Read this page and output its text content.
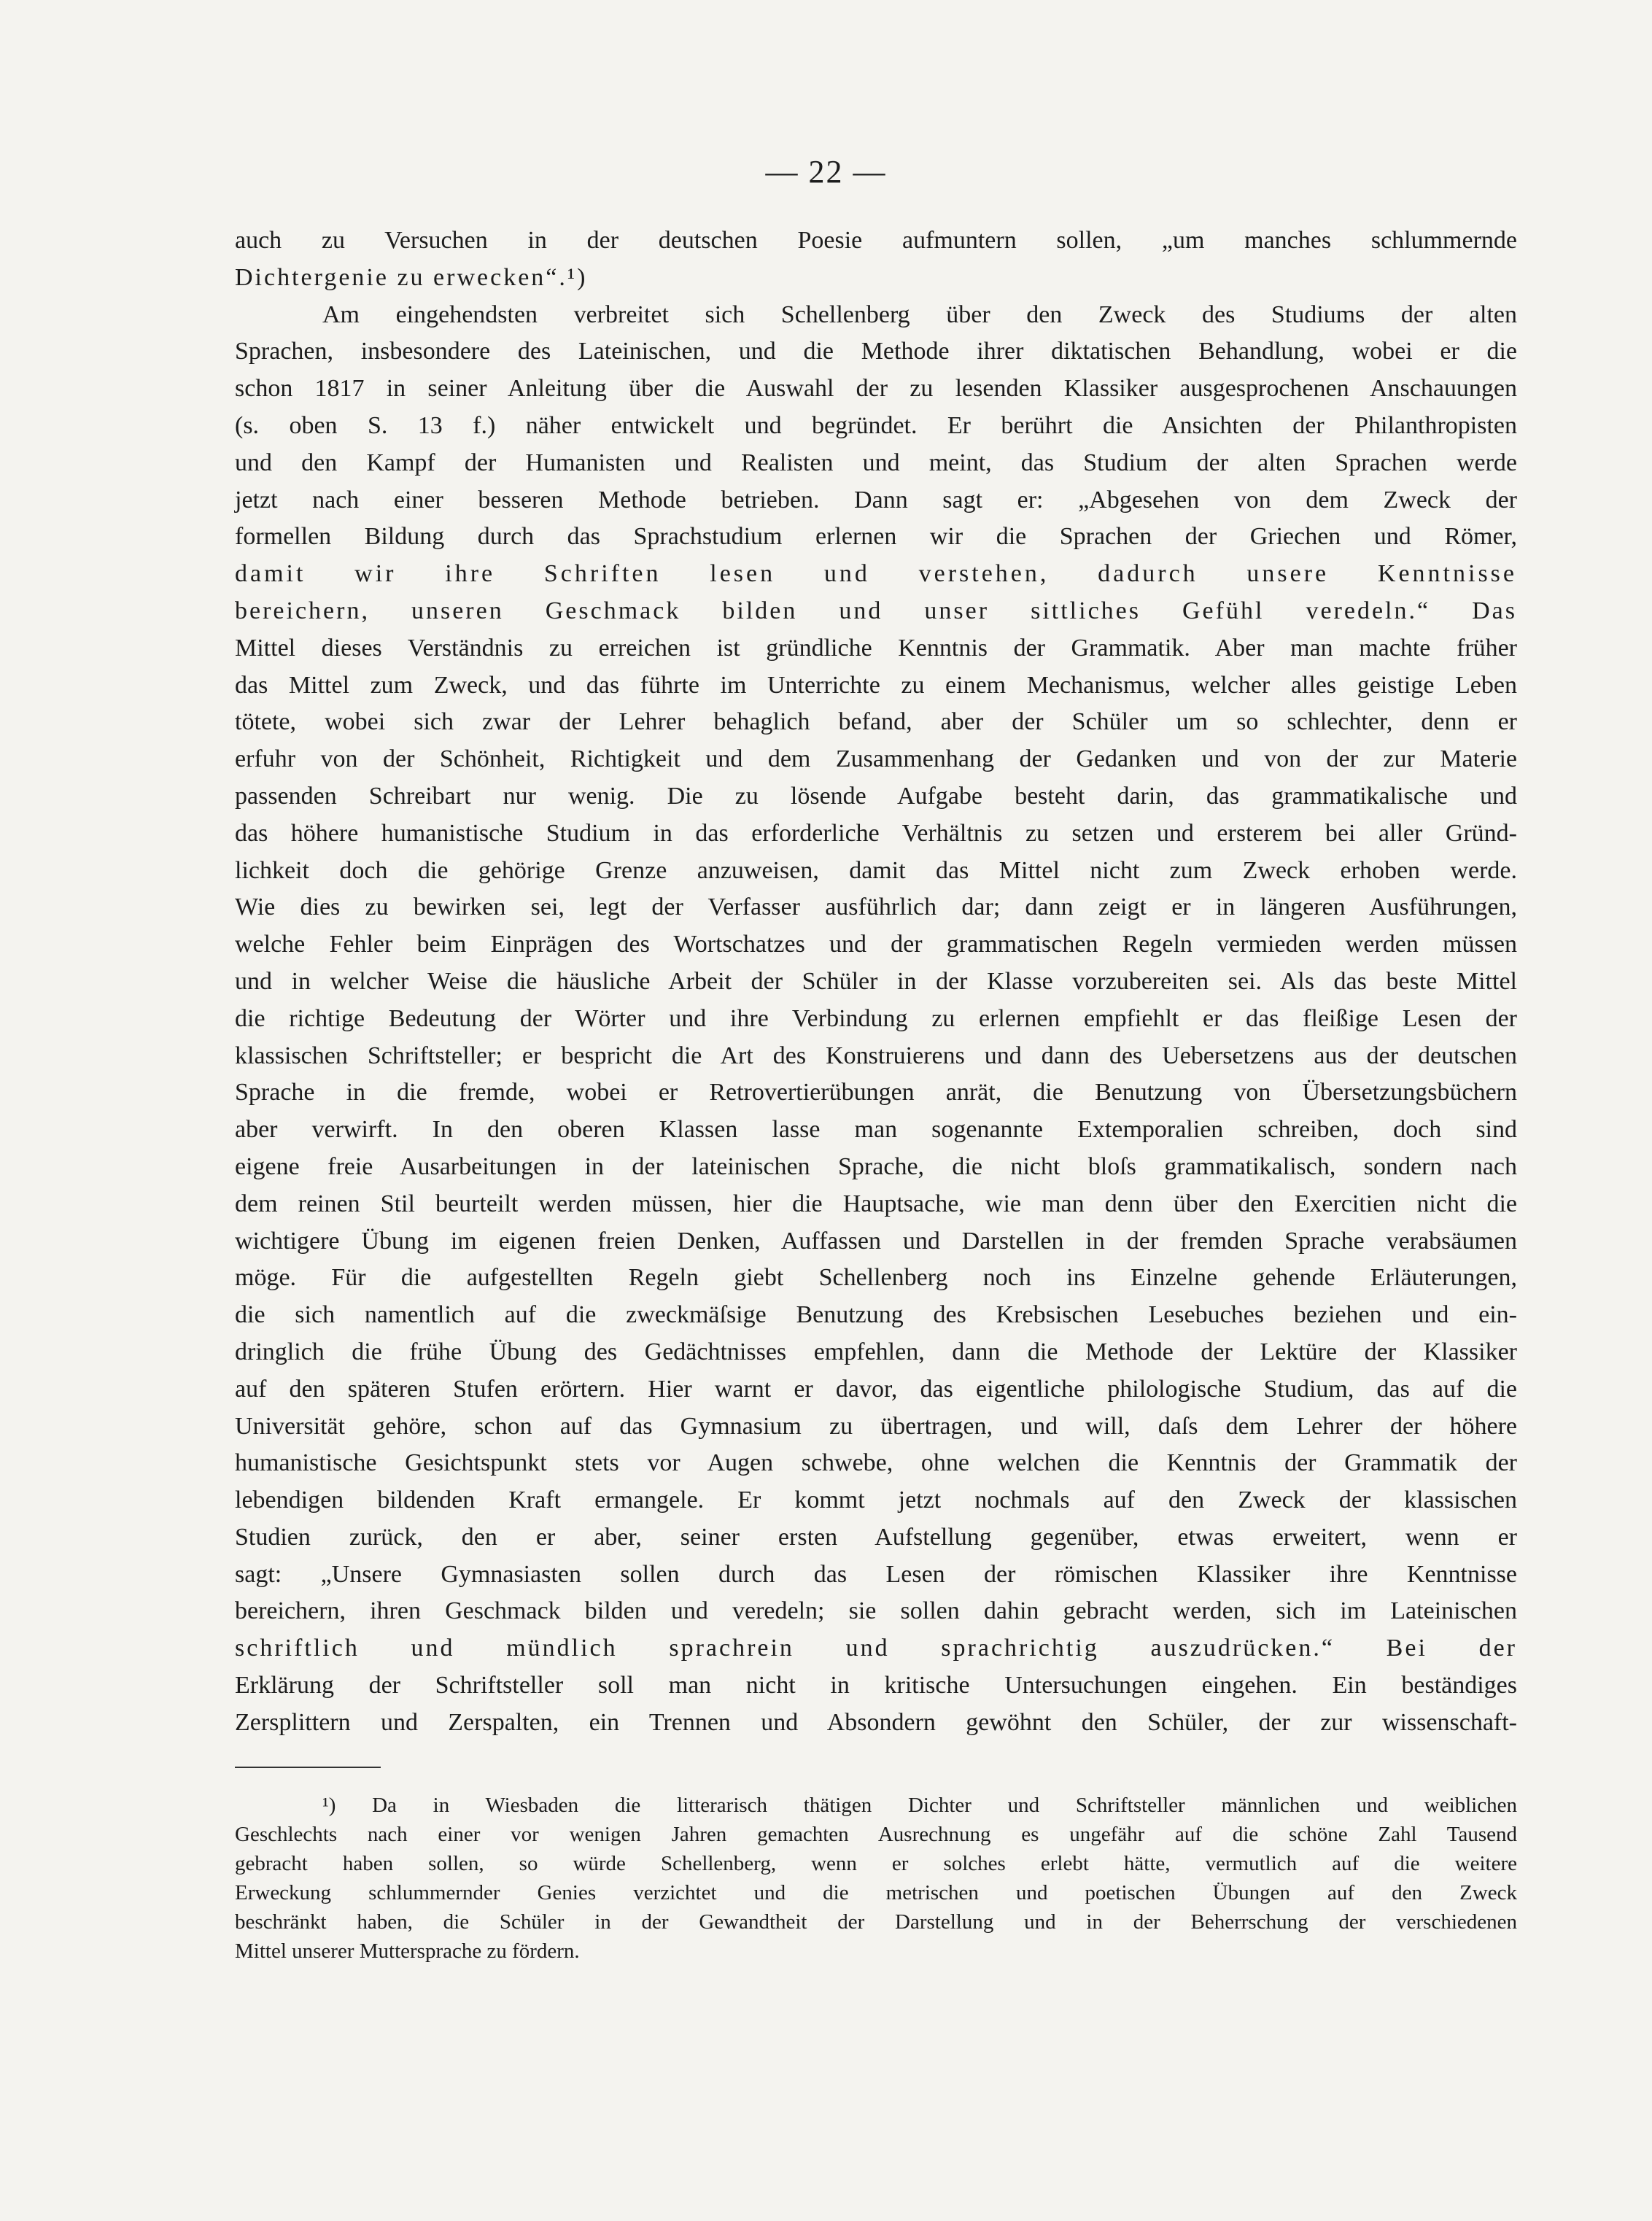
— 22 —
auch zu Versuchen in der deutschen Poesie aufmuntern sollen, „um manches schlummernde
Dichtergenie zu erwecken“.¹)
Am eingehendsten verbreitet sich Schellenberg über den Zweck des Studiums der alten
Sprachen, insbesondere des Lateinischen, und die Methode ihrer diktatischen Behandlung, wobei er die
schon 1817 in seiner Anleitung über die Auswahl der zu lesenden Klassiker ausgesprochenen Anschauungen
(s. oben S. 13 f.) näher entwickelt und begründet. Er berührt die Ansichten der Philanthropisten
und den Kampf der Humanisten und Realisten und meint, das Studium der alten Sprachen werde
jetzt nach einer besseren Methode betrieben. Dann sagt er: „Abgesehen von dem Zweck der
formellen Bildung durch das Sprachstudium erlernen wir die Sprachen der Griechen und Römer,
damit wir ihre Schriften lesen und verstehen, dadurch unsere Kenntnisse
bereichern, unseren Geschmack bilden und unser sittliches Gefühl veredeln.“ Das
Mittel dieses Verständnis zu erreichen ist gründliche Kenntnis der Grammatik. Aber man machte früher
das Mittel zum Zweck, und das führte im Unterrichte zu einem Mechanismus, welcher alles geistige Leben
tötete, wobei sich zwar der Lehrer behaglich befand, aber der Schüler um so schlechter, denn er
erfuhr von der Schönheit, Richtigkeit und dem Zusammenhang der Gedanken und von der zur Materie
passenden Schreibart nur wenig. Die zu lösende Aufgabe besteht darin, das grammatikalische und
das höhere humanistische Studium in das erforderliche Verhältnis zu setzen und ersterem bei aller Gründ-
lichkeit doch die gehörige Grenze anzuweisen, damit das Mittel nicht zum Zweck erhoben werde.
Wie dies zu bewirken sei, legt der Verfasser ausführlich dar; dann zeigt er in längeren Ausführungen,
welche Fehler beim Einprägen des Wortschatzes und der grammatischen Regeln vermieden werden müssen
und in welcher Weise die häusliche Arbeit der Schüler in der Klasse vorzubereiten sei. Als das beste Mittel
die richtige Bedeutung der Wörter und ihre Verbindung zu erlernen empfiehlt er das fleißige Lesen der
klassischen Schriftsteller; er bespricht die Art des Konstruierens und dann des Uebersetzens aus der deutschen
Sprache in die fremde, wobei er Retrovertierübungen anrät, die Benutzung von Übersetzungsbüchern
aber verwirft. In den oberen Klassen lasse man sogenannte Extemporalien schreiben, doch sind
eigene freie Ausarbeitungen in der lateinischen Sprache, die nicht bloſs grammatikalisch, sondern nach
dem reinen Stil beurteilt werden müssen, hier die Hauptsache, wie man denn über den Exercitien nicht die
wichtigere Übung im eigenen freien Denken, Auffassen und Darstellen in der fremden Sprache verabsäumen
möge. Für die aufgestellten Regeln giebt Schellenberg noch ins Einzelne gehende Erläuterungen,
die sich namentlich auf die zweckmäſsige Benutzung des Krebsischen Lesebuches beziehen und ein-
dringlich die frühe Übung des Gedächtnisses empfehlen, dann die Methode der Lektüre der Klassiker
auf den späteren Stufen erörtern. Hier warnt er davor, das eigentliche philologische Studium, das auf die
Universität gehöre, schon auf das Gymnasium zu übertragen, und will, daſs dem Lehrer der höhere
humanistische Gesichtspunkt stets vor Augen schwebe, ohne welchen die Kenntnis der Grammatik der
lebendigen bildenden Kraft ermangele. Er kommt jetzt nochmals auf den Zweck der klassischen
Studien zurück, den er aber, seiner ersten Aufstellung gegenüber, etwas erweitert, wenn er
sagt: „Unsere Gymnasiasten sollen durch das Lesen der römischen Klassiker ihre Kenntnisse
bereichern, ihren Geschmack bilden und veredeln; sie sollen dahin gebracht werden, sich im Lateinischen
schriftlich und mündlich sprachrein und sprachrichtig auszudrücken.“ Bei der
Erklärung der Schriftsteller soll man nicht in kritische Untersuchungen eingehen. Ein beständiges
Zersplittern und Zerspalten, ein Trennen und Absondern gewöhnt den Schüler, der zur wissenschaft-
¹) Da in Wiesbaden die litterarisch thätigen Dichter und Schriftsteller männlichen und weiblichen
Geschlechts nach einer vor wenigen Jahren gemachten Ausrechnung es ungefähr auf die schöne Zahl Tausend
gebracht haben sollen, so würde Schellenberg, wenn er solches erlebt hätte, vermutlich auf die weitere
Erweckung schlummernder Genies verzichtet und die metrischen und poetischen Übungen auf den Zweck
beschränkt haben, die Schüler in der Gewandtheit der Darstellung und in der Beherrschung der verschiedenen
Mittel unserer Muttersprache zu fördern.
